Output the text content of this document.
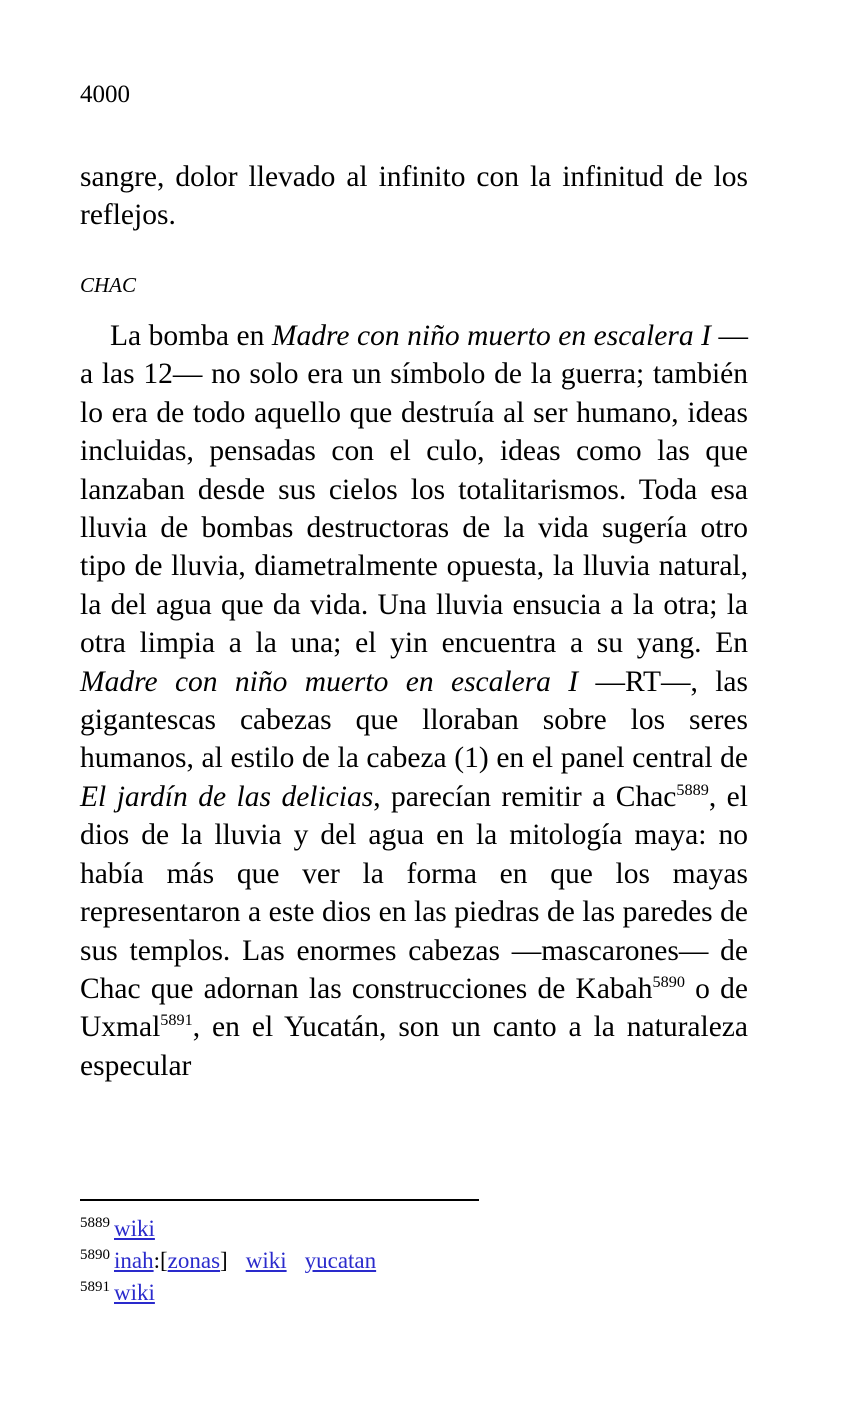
4000

sangre, dolor llevado al infinito con la infinitud de los reflejos.

CHAC

La bomba en Madre con niño muerto en escalera I —a las 12— no solo era un símbolo de la guerra; también lo era de todo aquello que destruía al ser humano, ideas incluidas, pensadas con el culo, ideas como las que lanzaban desde sus cielos los totalitarismos. Toda esa lluvia de bombas destructoras de la vida sugería otro tipo de lluvia, diametralmente opuesta, la lluvia natural, la del agua que da vida. Una lluvia ensucia a la otra; la otra limpia a la una; el yin encuentra a su yang. En Madre con niño muerto en escalera I —RT—, las gigantescas cabezas que lloraban sobre los seres humanos, al estilo de la cabeza (1) en el panel central de El jardín de las delicias, parecían remitir a Chac$^{5889}$, el dios de la lluvia y del agua en la mitología maya: no había más que ver la forma en que los mayas representaron a este dios en las piedras de las paredes de sus templos. Las enormes cabezas —mascarones— de Chac que adornan las construcciones de Kabah$^{5890}$ o de Uxmal$^{5891}$, en el Yucatán, son un canto a la naturaleza especular

$^{5889}$ wiki
$^{5890}$ inah:[zonas] wiki yucatan
$^{5891}$ wiki
